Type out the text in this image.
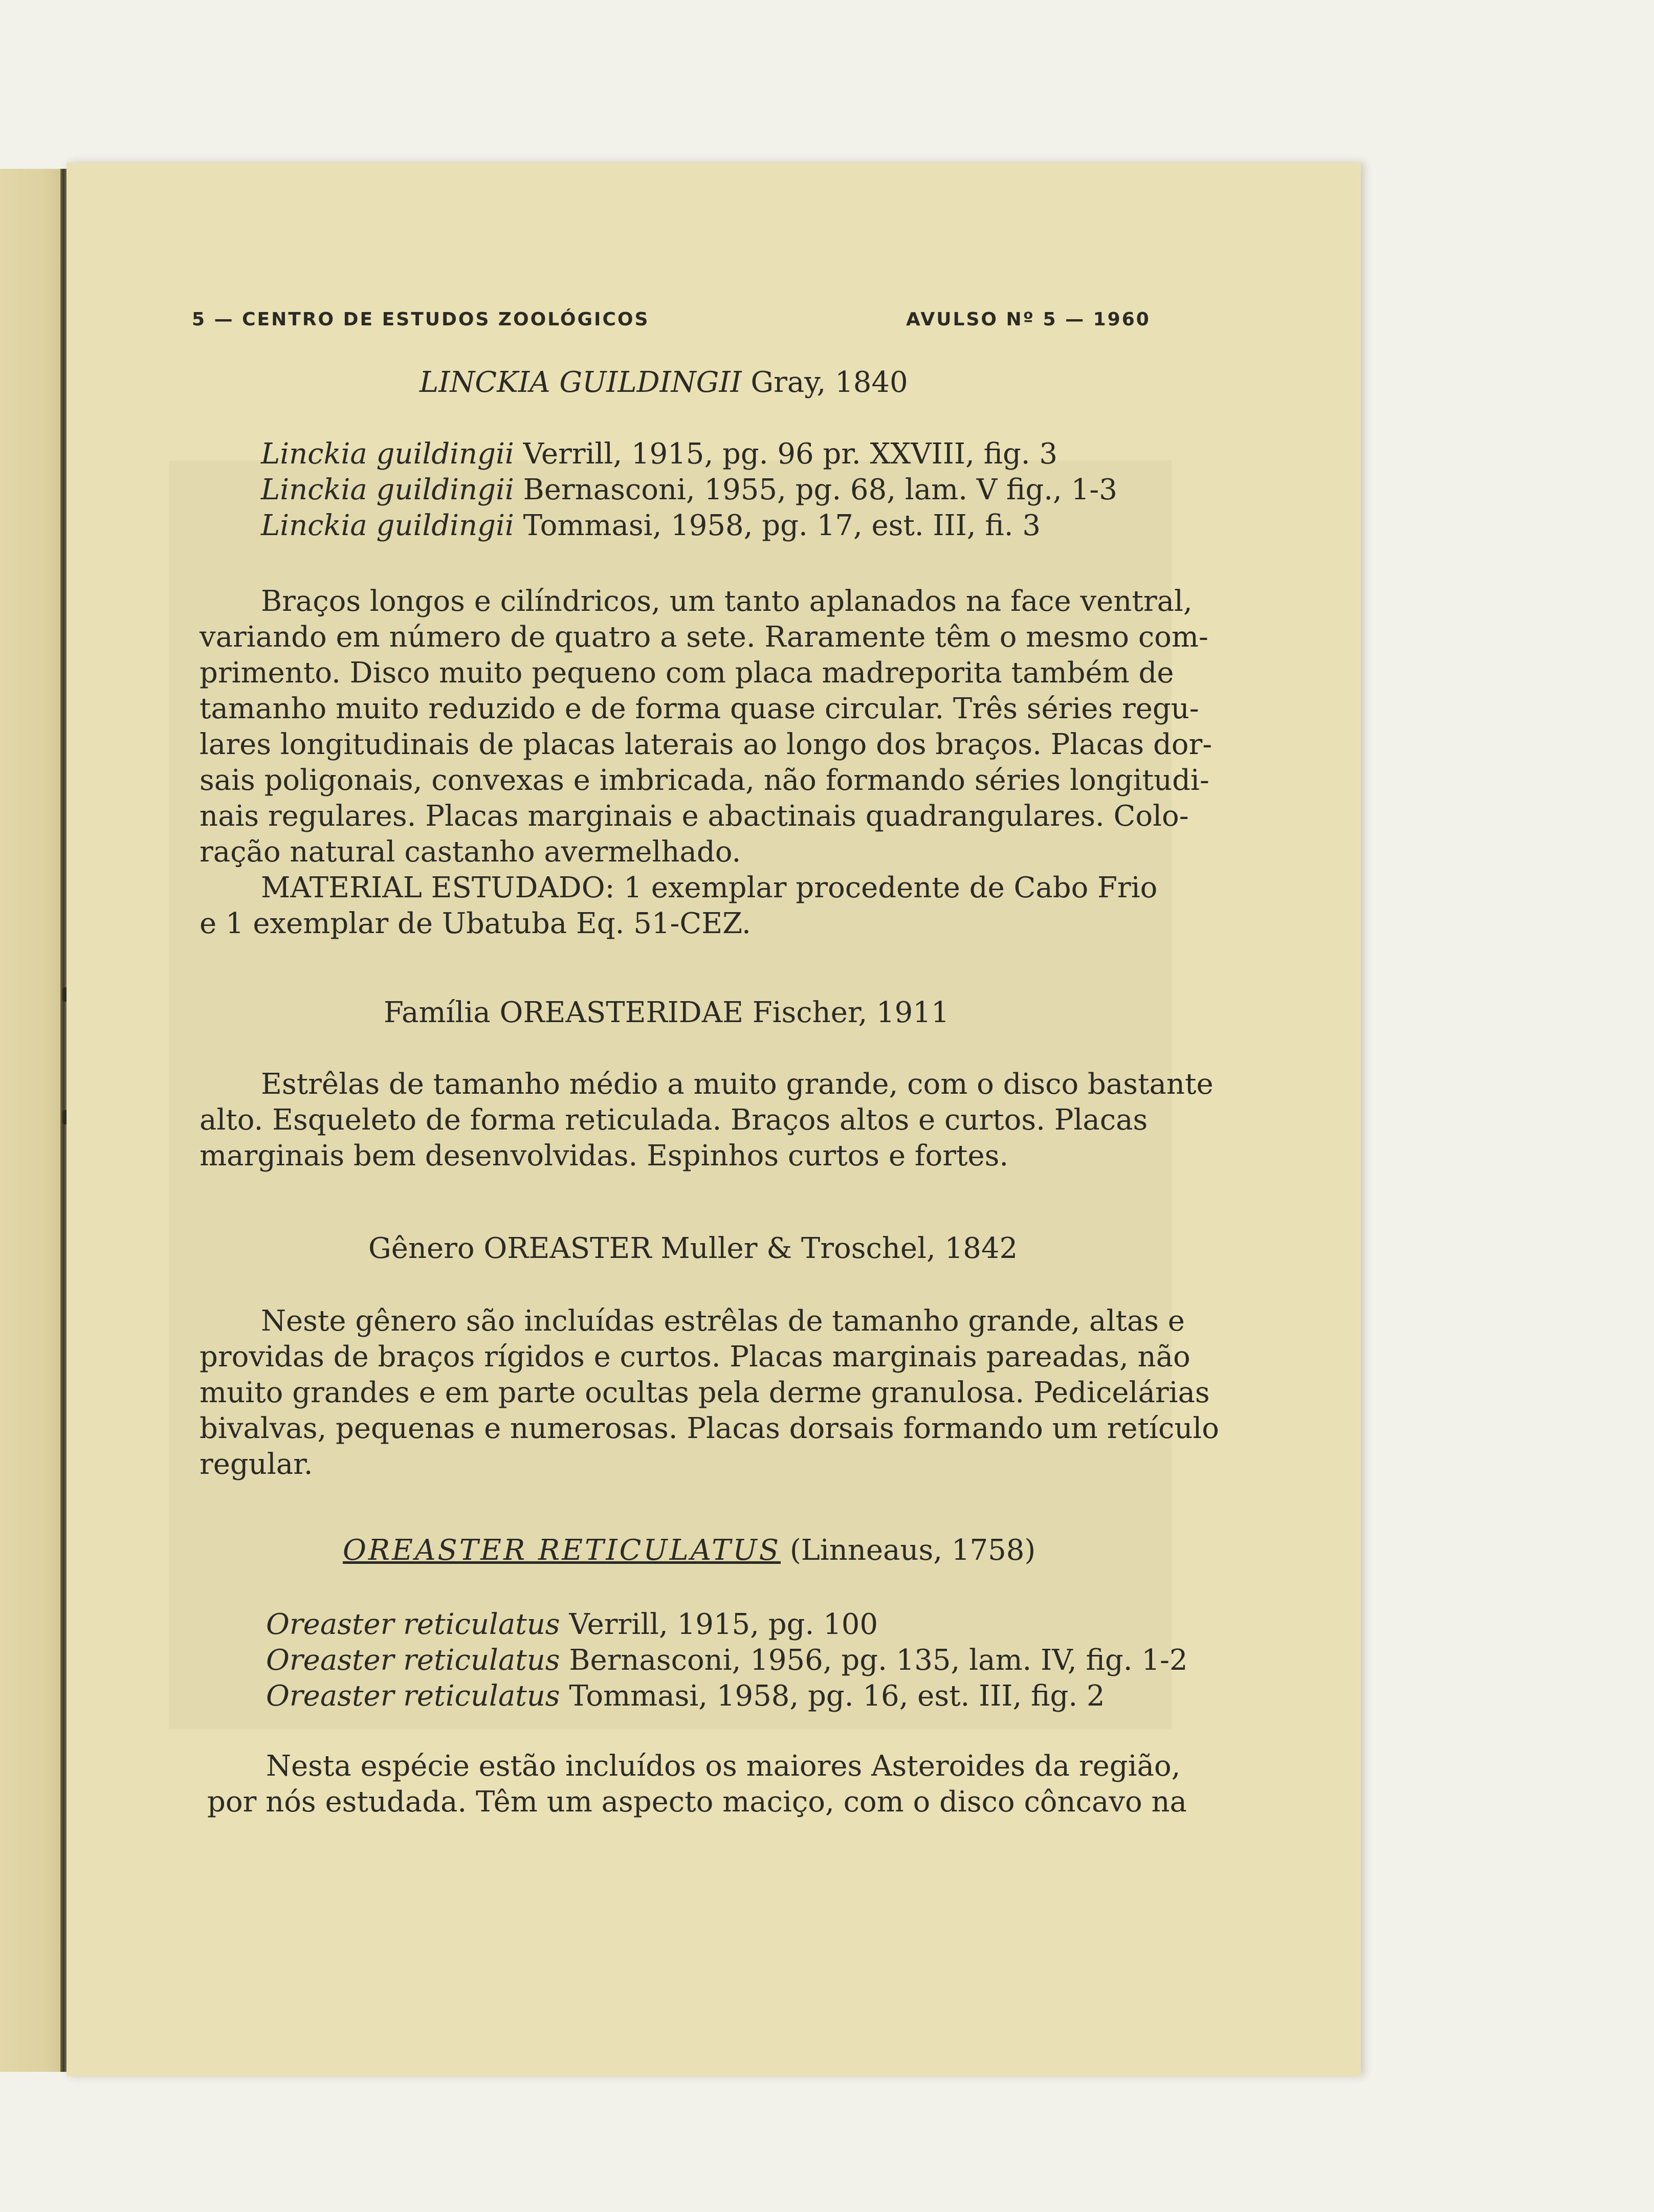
5 — CENTRO DE ESTUDOS ZOOLÓGICOS	AVULSO Nº 5 — 1960
LINCKIA GUILDINGII Gray, 1840
Linckia guildingii Verrill, 1915, pg. 96 pr. XXVIII, fig. 3
Linckia guildingii Bernasconi, 1955, pg. 68, lam. V fig., 1-3
Linckia guildingii Tommasi, 1958, pg. 17, est. III, fi. 3
Braços longos e cilíndricos, um tanto aplanados na face ventral,
variando em número de quatro a sete. Raramente têm o mesmo com-
primento. Disco muito pequeno com placa madreporita também de
tamanho muito reduzido e de forma quase circular. Três séries regu-
lares longitudinais de placas laterais ao longo dos braços. Placas dor-
sais poligonais, convexas e imbricada, não formando séries longitudi-
nais regulares. Placas marginais e abactinais quadrangulares. Colo-
ração natural castanho avermelhado.
MATERIAL ESTUDADO: 1 exemplar procedente de Cabo Frio
e 1 exemplar de Ubatuba Eq. 51-CEZ.
Família OREASTERIDAE Fischer, 1911
Estrêlas de tamanho médio a muito grande, com o disco bastante
alto. Esqueleto de forma reticulada. Braços altos e curtos. Placas
marginais bem desenvolvidas. Espinhos curtos e fortes.
Gênero OREASTER Muller & Troschel, 1842
Neste gênero são incluídas estrêlas de tamanho grande, altas e
providas de braços rígidos e curtos. Placas marginais pareadas, não
muito grandes e em parte ocultas pela derme granulosa. Pedicelárias
bivalvas, pequenas e numerosas. Placas dorsais formando um retículo
regular.
OREASTER RETICULATUS (Linneaus, 1758)
Oreaster reticulatus Verrill, 1915, pg. 100
Oreaster reticulatus Bernasconi, 1956, pg. 135, lam. IV, fig. 1-2
Oreaster reticulatus Tommasi, 1958, pg. 16, est. III, fig. 2
Nesta espécie estão incluídos os maiores Asteroides da região,
por nós estudada. Têm um aspecto maciço, com o disco côncavo na
